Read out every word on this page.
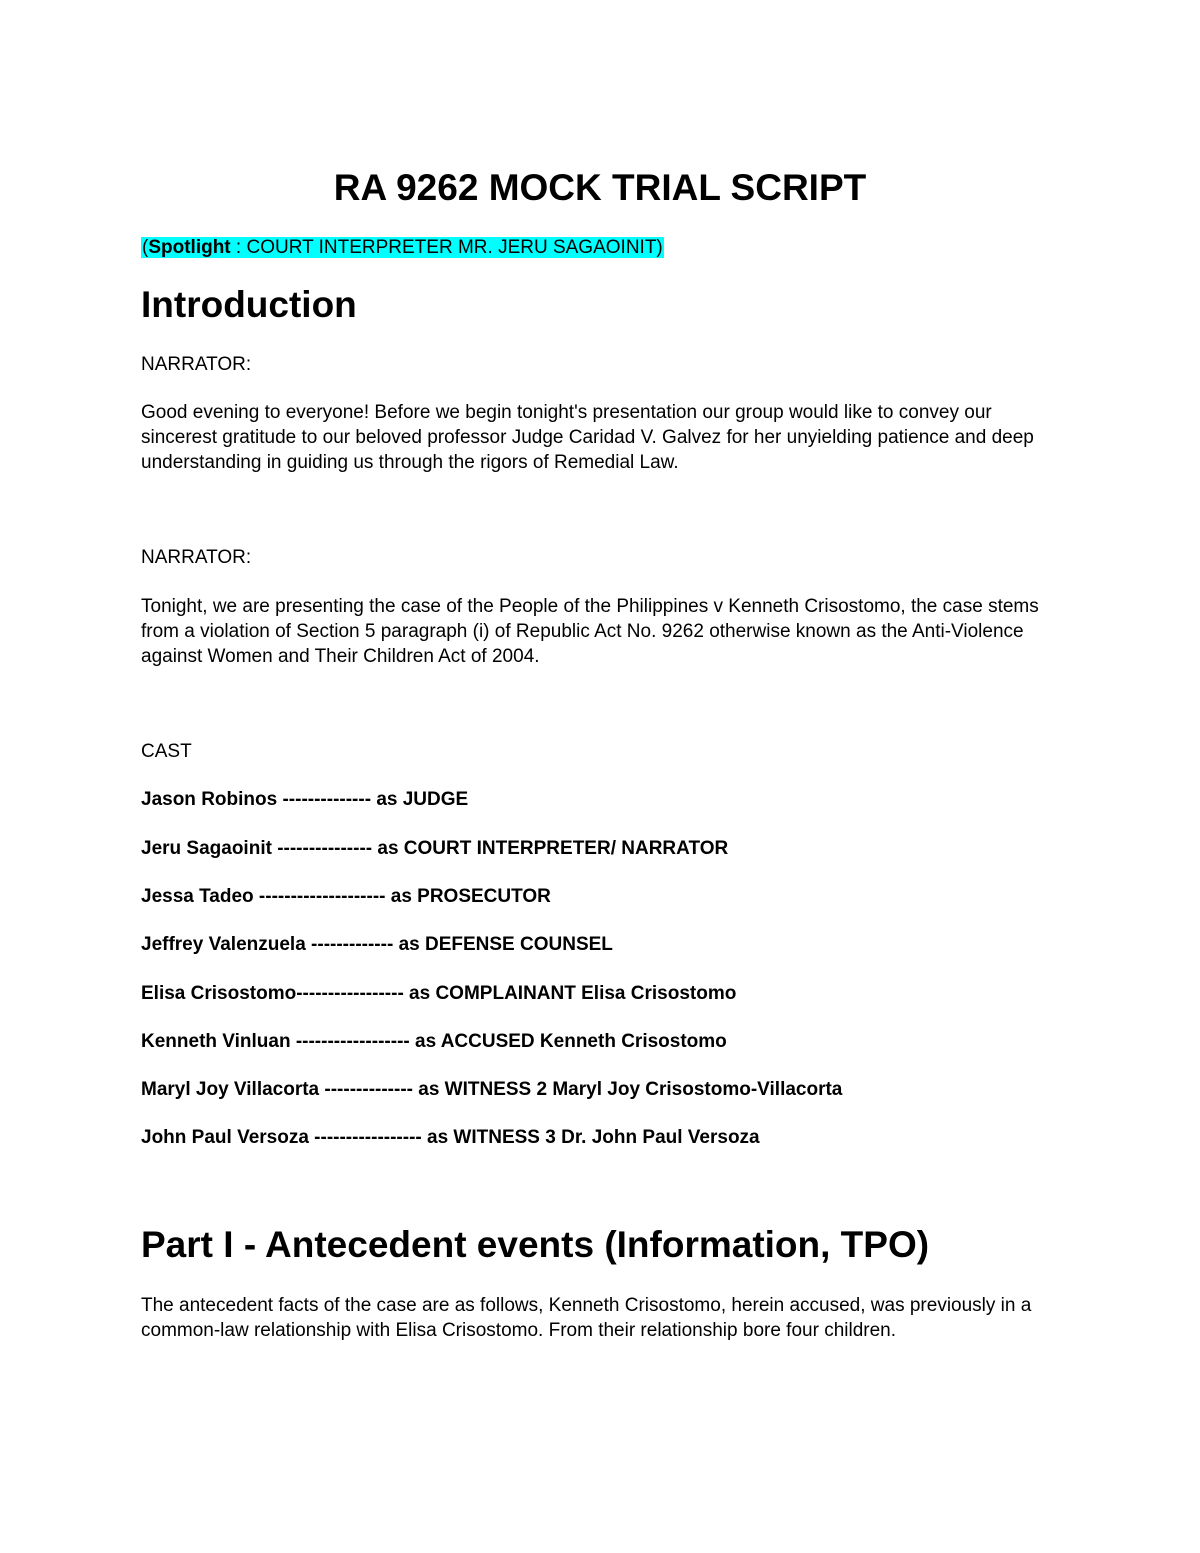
RA 9262 MOCK TRIAL SCRIPT
(Spotlight : COURT INTERPRETER MR. JERU SAGAOINIT)
Introduction
NARRATOR:
Good evening to everyone! Before we begin tonight's presentation our group would like to convey our sincerest gratitude to our beloved professor Judge Caridad V. Galvez for her unyielding patience and deep understanding in guiding us through the rigors of Remedial Law.
NARRATOR:
Tonight, we are presenting the case of the People of the Philippines v Kenneth Crisostomo, the case stems from a violation of Section 5 paragraph (i) of Republic Act No. 9262 otherwise known as the Anti-Violence against Women and Their Children Act of 2004.
CAST
Jason Robinos -------------- as JUDGE
Jeru Sagaoinit --------------- as COURT INTERPRETER/ NARRATOR
Jessa Tadeo -------------------- as PROSECUTOR
Jeffrey Valenzuela ------------- as DEFENSE COUNSEL
Elisa Crisostomo----------------- as COMPLAINANT Elisa Crisostomo
Kenneth Vinluan ------------------ as ACCUSED Kenneth Crisostomo
Maryl Joy Villacorta -------------- as WITNESS 2 Maryl Joy Crisostomo-Villacorta
John Paul Versoza ----------------- as WITNESS 3 Dr. John Paul Versoza
Part I - Antecedent events (Information, TPO)
The antecedent facts of the case are as follows, Kenneth Crisostomo, herein accused, was previously in a common-law relationship with Elisa Crisostomo. From their relationship bore four children.
